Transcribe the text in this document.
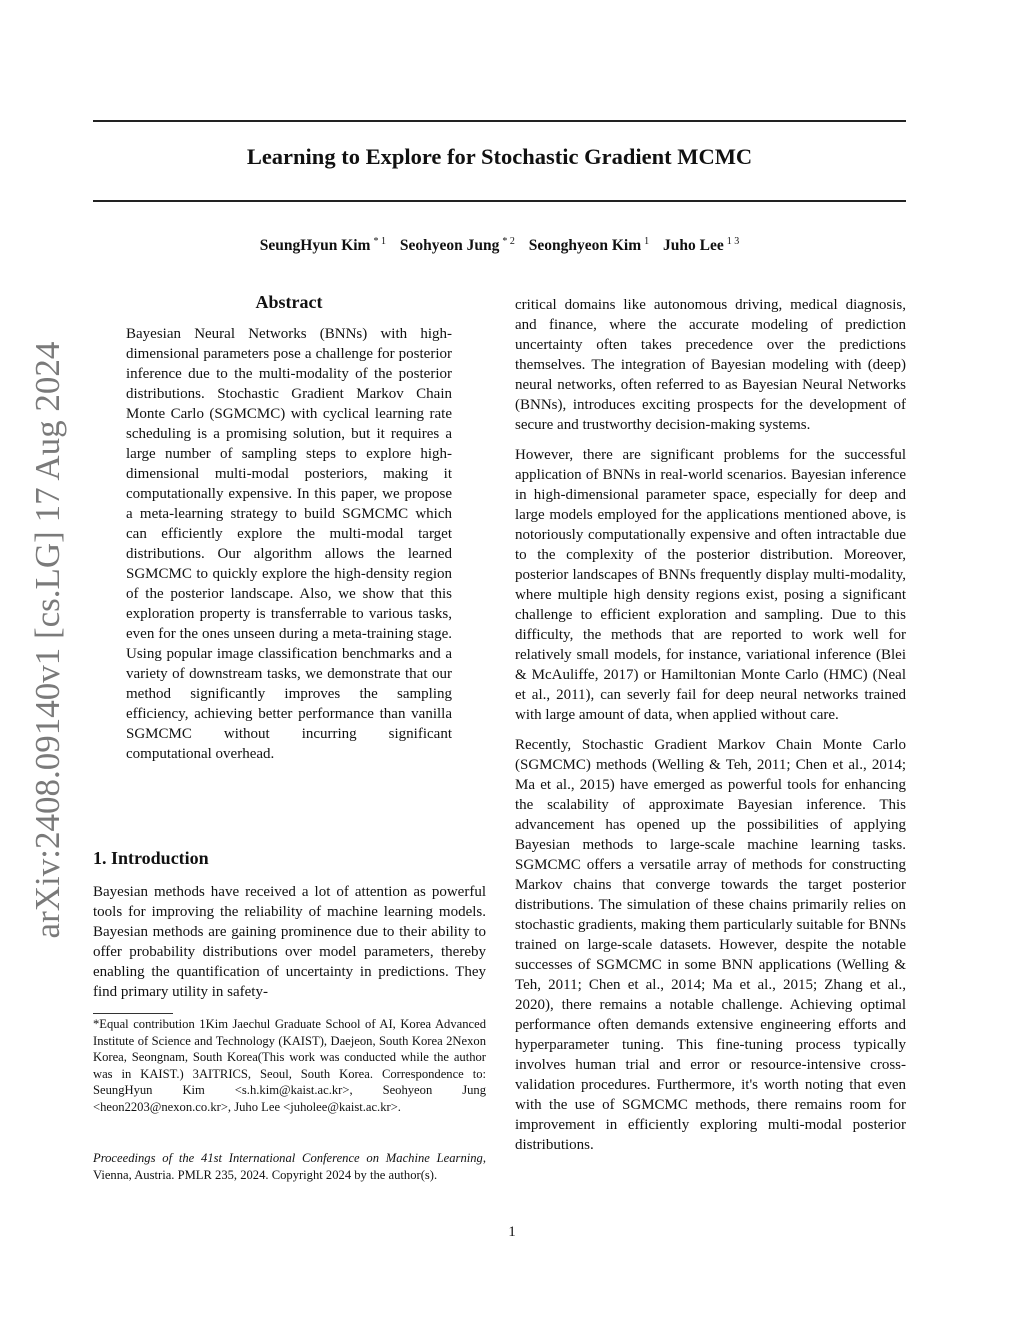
Learning to Explore for Stochastic Gradient MCMC
SeungHyun Kim $^{* 1}$ Seohyeon Jung $^{* 2}$ Seonghyeon Kim $^1$ Juho Lee $^{1 3}$
arXiv:2408.09140v1 [cs.LG] 17 Aug 2024

Abstract

Bayesian Neural Networks (BNNs) with high-dimensional parameters pose a challenge for posterior inference due to the multi-modality of the posterior distributions. Stochastic Gradient Markov Chain Monte Carlo (SGMCMC) with cyclical learning rate scheduling is a promising solution, but it requires a large number of sampling steps to explore high-dimensional multi-modal posteriors, making it computationally expensive. In this paper, we propose a meta-learning strategy to build SGMCMC which can efficiently explore the multi-modal target distributions. Our algorithm allows the learned SGMCMC to quickly explore the high-density region of the posterior landscape. Also, we show that this exploration property is transferrable to various tasks, even for the ones unseen during a meta-training stage. Using popular image classification benchmarks and a variety of downstream tasks, we demonstrate that our method significantly improves the sampling efficiency, achieving better performance than vanilla SGMCMC without incurring significant computational overhead.

1. Introduction

Bayesian methods have received a lot of attention as powerful tools for improving the reliability of machine learning models. Bayesian methods are gaining prominence due to their ability to offer probability distributions over model parameters, thereby enabling the quantification of uncertainty in predictions. They find primary utility in safety-

*Equal contribution 1Kim Jaechul Graduate School of AI, Korea Advanced Institute of Science and Technology (KAIST), Daejeon, South Korea 2Nexon Korea, Seongnam, South Korea(This work was conducted while the author was in KAIST.) 3AITRICS, Seoul, South Korea. Correspondence to: SeungHyun Kim <s.h.kim@kaist.ac.kr>, Seohyeon Jung <heon2203@nexon.co.kr>, Juho Lee <juholee@kaist.ac.kr>.
Proceedings of the 41st International Conference on Machine Learning, Vienna, Austria. PMLR 235, 2024. Copyright 2024 by the author(s).

critical domains like autonomous driving, medical diagnosis, and finance, where the accurate modeling of prediction uncertainty often takes precedence over the predictions themselves. The integration of Bayesian modeling with (deep) neural networks, often referred to as Bayesian Neural Networks (BNNs), introduces exciting prospects for the development of secure and trustworthy decision-making systems.

However, there are significant problems for the successful application of BNNs in real-world scenarios. Bayesian inference in high-dimensional parameter space, especially for deep and large models employed for the applications mentioned above, is notoriously computationally expensive and often intractable due to the complexity of the posterior distribution. Moreover, posterior landscapes of BNNs frequently display multi-modality, where multiple high density regions exist, posing a significant challenge to efficient exploration and sampling. Due to this difficulty, the methods that are reported to work well for relatively small models, for instance, variational inference (Blei & McAuliffe, 2017) or Hamiltonian Monte Carlo (HMC) (Neal et al., 2011), can severly fail for deep neural networks trained with large amount of data, when applied without care.

Recently, Stochastic Gradient Markov Chain Monte Carlo (SGMCMC) methods (Welling & Teh, 2011; Chen et al., 2014; Ma et al., 2015) have emerged as powerful tools for enhancing the scalability of approximate Bayesian inference. This advancement has opened up the possibilities of applying Bayesian methods to large-scale machine learning tasks. SGMCMC offers a versatile array of methods for constructing Markov chains that converge towards the target posterior distributions. The simulation of these chains primarily relies on stochastic gradients, making them particularly suitable for BNNs trained on large-scale datasets. However, despite the notable successes of SGMCMC in some BNN applications (Welling & Teh, 2011; Chen et al., 2014; Ma et al., 2015; Zhang et al., 2020), there remains a notable challenge. Achieving optimal performance often demands extensive engineering efforts and hyperparameter tuning. This fine-tuning process typically involves human trial and error or resource-intensive cross-validation procedures. Furthermore, it's worth noting that even with the use of SGMCMC methods, there remains room for improvement in efficiently exploring multi-modal posterior distributions.

1
